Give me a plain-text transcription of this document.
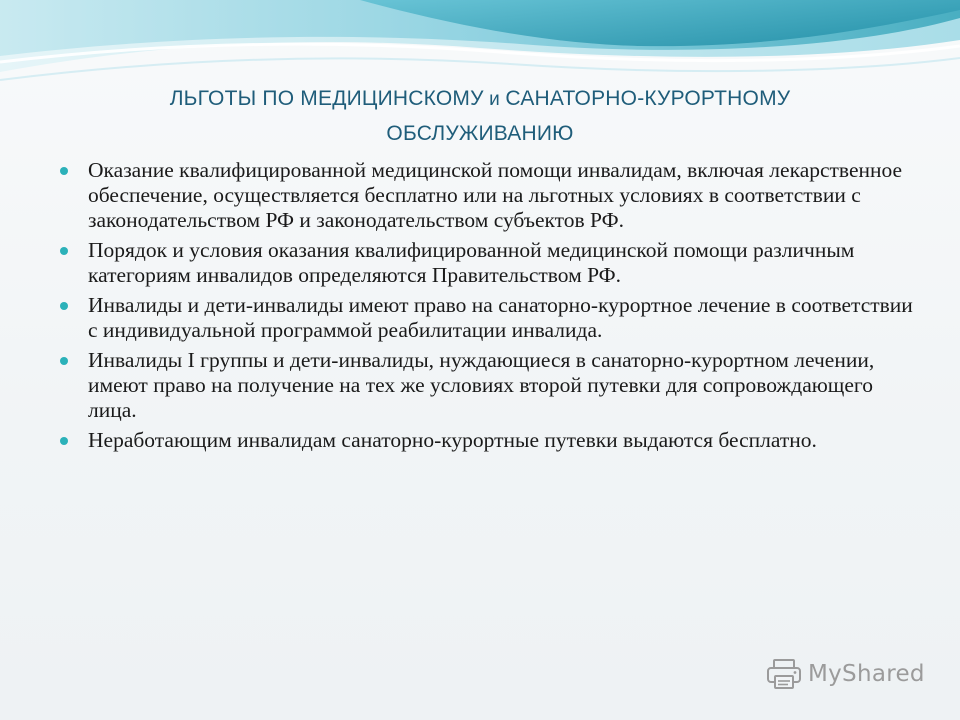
ЛЬГОТЫ ПО МЕДИЦИНСКОМУ и САНАТОРНО-КУРОРТНОМУ
ОБСЛУЖИВАНИЮ
Оказание квалифицированной медицинской помощи инвалидам, включая лекарственное обеспечение, осуществляется бесплатно или на льготных условиях в соответствии с законодательством РФ и законодательством субъектов РФ.
Порядок и условия оказания квалифицированной медицинской помощи различным категориям инвалидов определяются Правительством РФ.
Инвалиды и дети-инвалиды имеют право на санаторно-курортное лечение в соответствии с индивидуальной программой реабилитации инвалида.
Инвалиды I группы и дети-инвалиды, нуждающиеся в санаторно-курортном лечении, имеют право на получение на тех же условиях второй путевки для сопровождающего лица.
Неработающим инвалидам санаторно-курортные путевки выдаются бесплатно.
MyShared
